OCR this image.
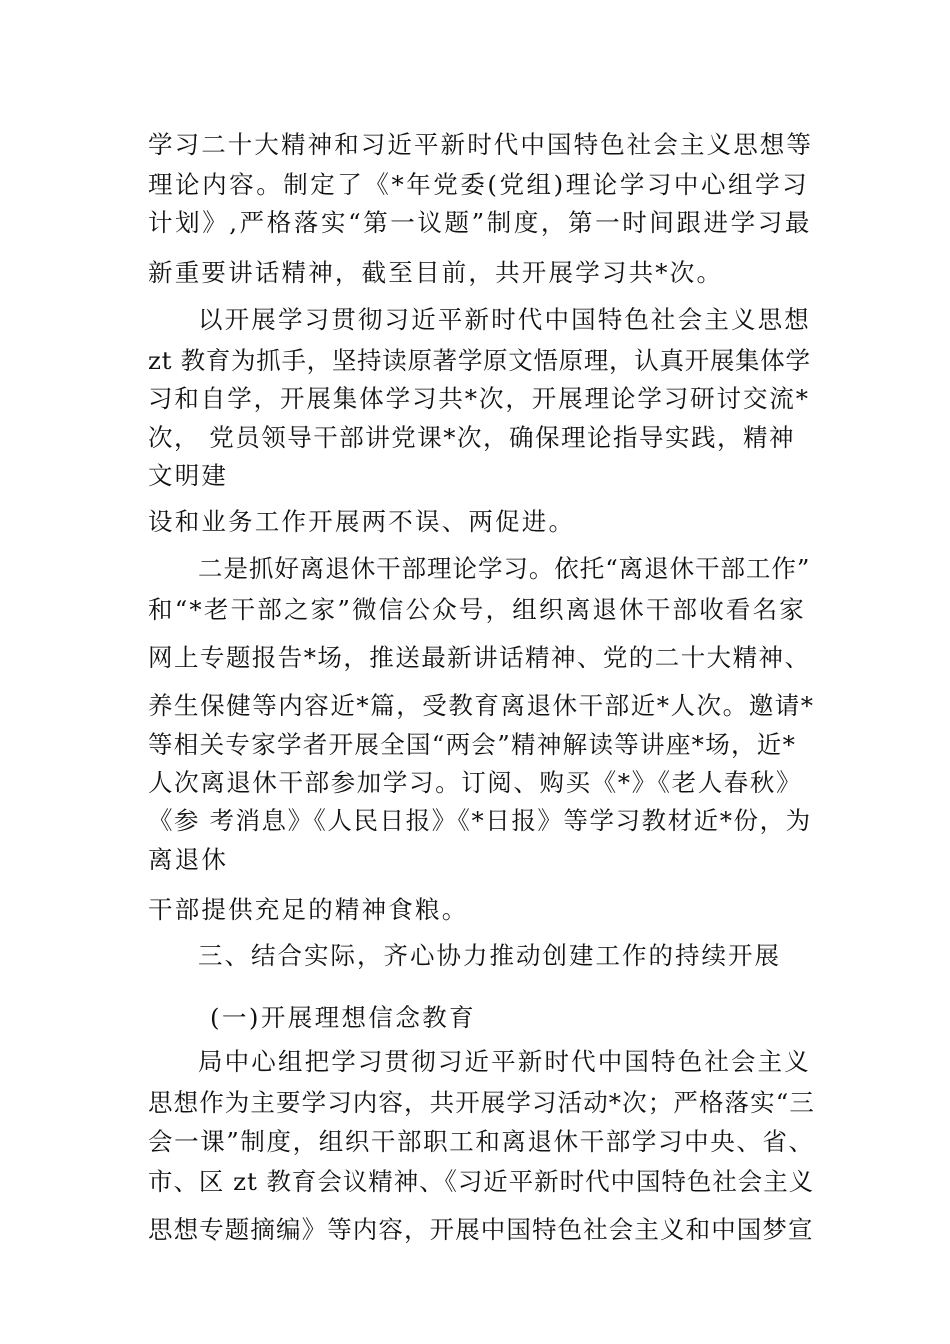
学习二十大精神和习近平新时代中国特色社会主义思想等
理论内容。制定了《*年党委(党组)理论学习中心组学习
计划》,严格落实“第一议题”制度，第一时间跟进学习最
新重要讲话精神，截至目前，共开展学习共*次。
以开展学习贯彻习近平新时代中国特色社会主义思想
zt 教育为抓手，坚持读原著学原文悟原理，认真开展集体学
习和自学，开展集体学习共*次，开展理论学习研讨交流*
次， 党员领导干部讲党课*次，确保理论指导实践，精神
文明建
设和业务工作开展两不误、两促进。
二是抓好离退休干部理论学习。依托“离退休干部工作”
和“*老干部之家”微信公众号，组织离退休干部收看名家
网上专题报告*场，推送最新讲话精神、党的二十大精神、
养生保健等内容近*篇，受教育离退休干部近*人次。邀请*
等相关专家学者开展全国“两会”精神解读等讲座*场，近*
人次离退休干部参加学习。订阅、购买《*》《老人春秋》
《参 考消息》《人民日报》《*日报》等学习教材近*份，为
离退休
干部提供充足的精神食粮。
三、结合实际，齐心协力推动创建工作的持续开展
(一)开展理想信念教育
局中心组把学习贯彻习近平新时代中国特色社会主义
思想作为主要学习内容，共开展学习活动*次；严格落实“三
会一课”制度，组织干部职工和离退休干部学习中央、省、
市、区 zt 教育会议精神、《习近平新时代中国特色社会主义
思想专题摘编》等内容，开展中国特色社会主义和中国梦宣
